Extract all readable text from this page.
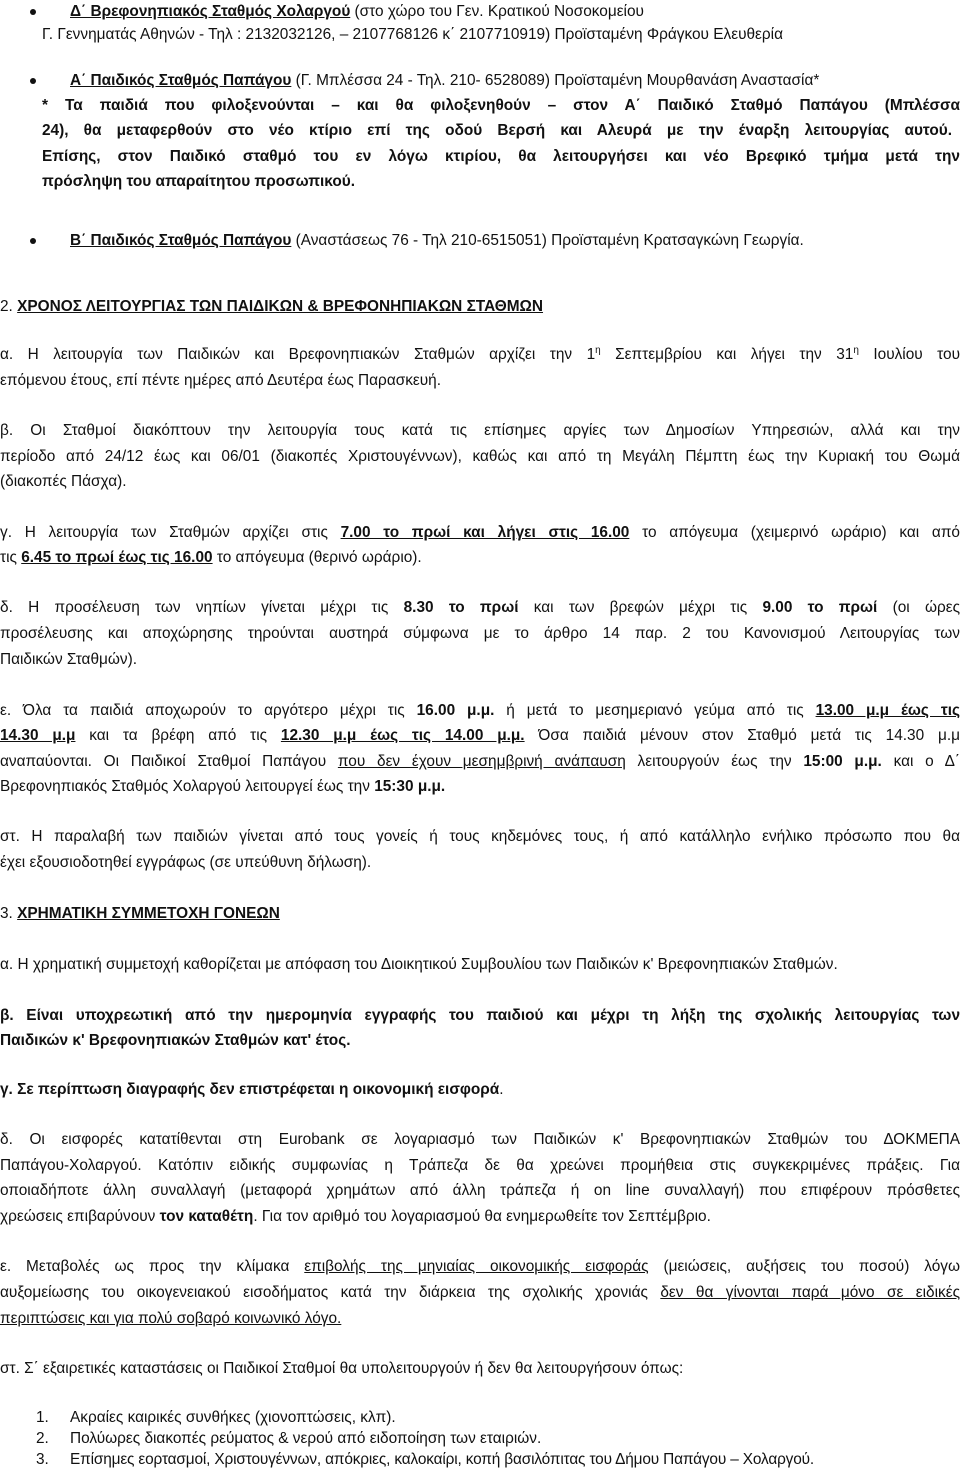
Δ΄ Βρεφονηπιακός Σταθμός Χολαργού (στο χώρο του Γεν. Κρατικού Νοσοκομείου
Γ. Γεννηματάς Αθηνών - Τηλ : 2132032126, – 2107768126 κ΄ 2107710919) Προϊσταμένη Φράγκου Ελευθερία
Α΄ Παιδικός Σταθμός Παπάγου (Γ. Μπλέσσα 24 - Τηλ. 210- 6528089) Προϊσταμένη Μουρθανάση Αναστασία*
* Τα παιδιά που φιλοξενούνται – και θα φιλοξενηθούν – στον Α΄ Παιδικό Σταθμό Παπάγου (Μπλέσσα
24), θα μεταφερθούν στο νέο κτίριο επί της οδού Βερσή και Αλευρά με την έναρξη λειτουργίας αυτού.
Επίσης, στον Παιδικό σταθμό του εν λόγω κτιρίου, θα λειτουργήσει και νέο Βρεφικό τμήμα μετά την
πρόσληψη του απαραίτητου προσωπικού.
Β΄ Παιδικός Σταθμός Παπάγου (Αναστάσεως 76 - Τηλ 210-6515051) Προϊσταμένη Κρατσαγκώνη Γεωργία.
2. ΧΡΟΝΟΣ ΛΕΙΤΟΥΡΓΙΑΣ ΤΩΝ ΠΑΙΔΙΚΩΝ & ΒΡΕΦΟΝΗΠΙΑΚΩΝ ΣΤΑΘΜΩΝ
α. Η λειτουργία των Παιδικών και Βρεφονηπιακών Σταθμών αρχίζει την $1^\eta$ Σεπτεμβρίου και λήγει την $31^\eta$ Ιουλίου του
επόμενου έτους, επί πέντε ημέρες από Δευτέρα έως Παρασκευή.
β. Οι Σταθμοί διακόπτουν την λειτουργία τους κατά τις επίσημες αργίες των Δημοσίων Υπηρεσιών, αλλά και την
περίοδο από 24/12 έως και 06/01 (διακοπές Χριστουγέννων), καθώς και από τη Μεγάλη Πέμπτη έως την Κυριακή του Θωμά
(διακοπές Πάσχα).
γ. Η λειτουργία των Σταθμών αρχίζει στις 7.00 το πρωί και λήγει στις 16.00 το απόγευμα (χειμερινό ωράριο) και από
τις 6.45 το πρωί έως τις 16.00 το απόγευμα (θερινό ωράριο).
δ. Η προσέλευση των νηπίων γίνεται μέχρι τις 8.30 το πρωί και των βρεφών μέχρι τις 9.00 το πρωί (οι ώρες
προσέλευσης και αποχώρησης τηρούνται αυστηρά σύμφωνα με το άρθρο 14 παρ. 2 του Κανονισμού Λειτουργίας των
Παιδικών Σταθμών).
ε. Όλα τα παιδιά αποχωρούν το αργότερο μέχρι τις 16.00 μ.μ. ή μετά το μεσημεριανό γεύμα από τις 13.00 μ.μ έως τις
14.30 μ.μ και τα βρέφη από τις 12.30 μ.μ έως τις 14.00 μ.μ. Όσα παιδιά μένουν στον Σταθμό μετά τις 14.30 μ.μ
αναπαύονται. Οι Παιδικοί Σταθμοί Παπάγου που δεν έχουν μεσημβρινή ανάπαυση λειτουργούν έως την 15:00 μ.μ. και ο Δ΄
Βρεφονηπιακός Σταθμός Χολαργού λειτουργεί έως την 15:30 μ.μ.
στ. Η παραλαβή των παιδιών γίνεται από τους γονείς ή τους κηδεμόνες τους, ή από κατάλληλο ενήλικο πρόσωπο που θα
έχει εξουσιοδοτηθεί εγγράφως (σε υπεύθυνη δήλωση).
3. ΧΡΗΜΑΤΙΚΗ ΣΥΜΜΕΤΟΧΗ ΓΟΝΕΩΝ
α. Η χρηματική συμμετοχή καθορίζεται με απόφαση του Διοικητικού Συμβουλίου των Παιδικών κ' Βρεφονηπιακών Σταθμών.
β. Είναι υποχρεωτική από την ημερομηνία εγγραφής του παιδιού και μέχρι τη λήξη της σχολικής λειτουργίας των
Παιδικών κ' Βρεφονηπιακών Σταθμών κατ' έτος.
γ. Σε περίπτωση διαγραφής δεν επιστρέφεται η οικονομική εισφορά.
δ. Οι εισφορές κατατίθενται στη Eurobank σε λογαριασμό των Παιδικών κ' Βρεφονηπιακών Σταθμών του ΔΟΚΜΕΠΑ
Παπάγου-Χολαργού. Κατόπιν ειδικής συμφωνίας η Τράπεζα δε θα χρεώνει προμήθεια στις συγκεκριμένες πράξεις. Για
οποιαδήποτε άλλη συναλλαγή (μεταφορά χρημάτων από άλλη τράπεζα ή on line συναλλαγή) που επιφέρουν πρόσθετες
χρεώσεις επιβαρύνουν τον καταθέτη. Για τον αριθμό του λογαριασμού θα ενημερωθείτε τον Σεπτέμβριο.
ε. Μεταβολές ως προς την κλίμακα επιβολής της μηνιαίας οικονομικής εισφοράς (μειώσεις, αυξήσεις του ποσού) λόγω
αυξομείωσης του οικογενειακού εισοδήματος κατά την διάρκεια της σχολικής χρονιάς δεν θα γίνονται παρά μόνο σε ειδικές
περιπτώσεις και για πολύ σοβαρό κοινωνικό λόγο.
στ. Σ΄ εξαιρετικές καταστάσεις οι Παιδικοί Σταθμοί θα υπολειτουργούν ή δεν θα λειτουργήσουν όπως:
1. Ακραίες καιρικές συνθήκες (χιονοπτώσεις, κλπ).
2. Πολύωρες διακοπές ρεύματος & νερού από ειδοποίηση των εταιριών.
3. Επίσημες εορτασμοί, Χριστουγέννων, απόκριες, καλοκαίρι, κοπή βασιλόπιτας του Δήμου Παπάγου – Χολαργού.
